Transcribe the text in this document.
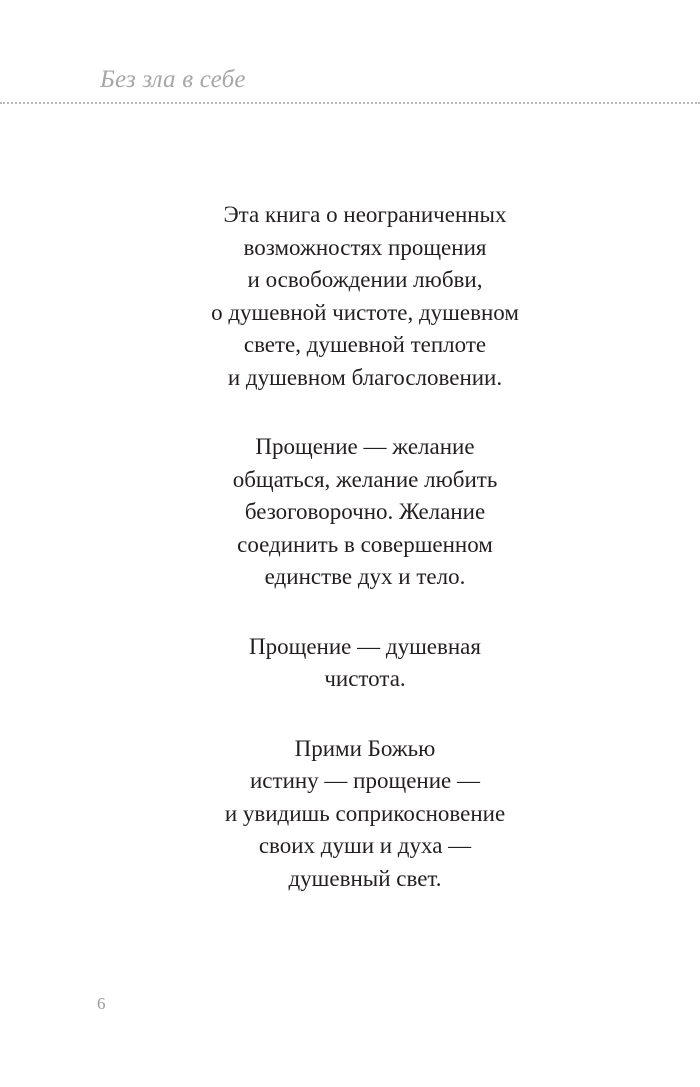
Без зла в себе

Эта книга о неограниченных
возможностях прощения
и освобождении любви,
о душевной чистоте, душевном
свете, душевной теплоте
и душевном благословении.

Прощение — желание
общаться, желание любить
безоговорочно. Желание
соединить в совершенном
единстве дух и тело.

Прощение — душевная
чистота.

Прими Божью
истину — прощение —
и увидишь соприкосновение
своих души и духа —
душевный свет.

6
